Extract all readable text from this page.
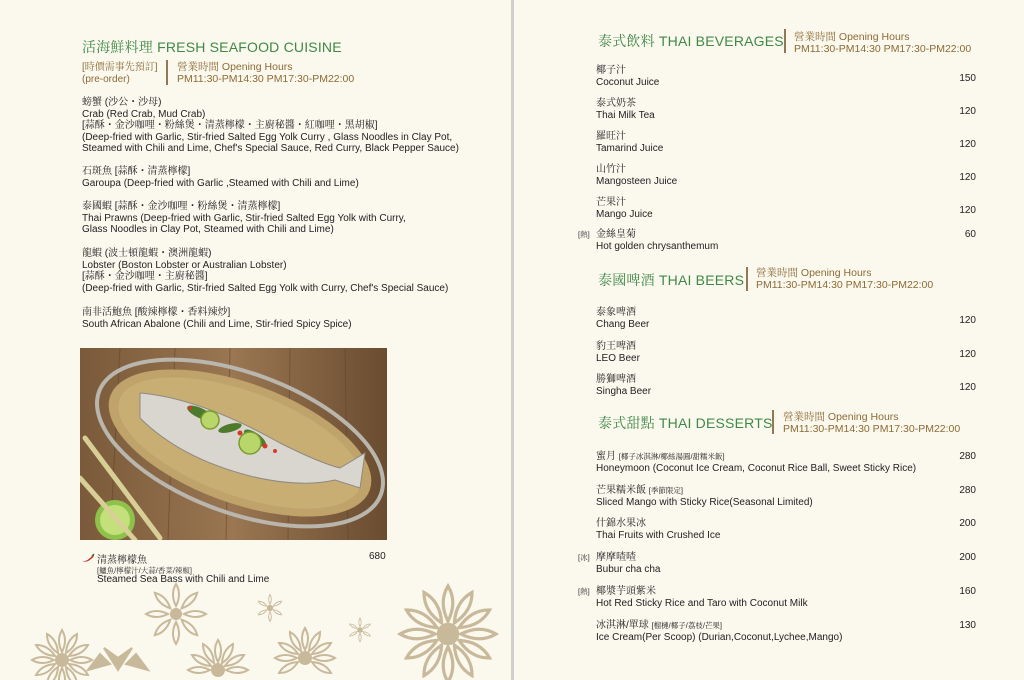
活海鮮料理 FRESH SEAFOOD CUISINE
[時價需事先預訂]
(pre-order)
營業時間 Opening Hours
PM11:30-PM14:30 PM17:30-PM22:00
螃蟹 (沙公・沙母)
Crab (Red Crab, Mud Crab)
[蒜酥・金沙咖哩・粉絲煲・清蒸檸檬・主廚秘醬・紅咖哩・黑胡椒]
(Deep-fried with Garlic, Stir-fried Salted Egg Yolk Curry , Glass Noodles in Clay Pot,
Steamed with Chili and Lime, Chef's Special Sauce, Red Curry, Black Pepper Sauce)
石斑魚 [蒜酥・清蒸檸檬]
Garoupa (Deep-fried with Garlic ,Steamed with Chili and Lime)
泰國蝦 [蒜酥・金沙咖哩・粉絲煲・清蒸檸檬]
Thai Prawns (Deep-fried with Garlic, Stir-fried Salted Egg Yolk with Curry,
Glass Noodles in Clay Pot, Steamed with Chili and Lime)
龍蝦 (波士頓龍蝦・澳洲龍蝦)
Lobster (Boston Lobster or Australian Lobster)
[蒜酥・金沙咖哩・主廚秘醬]
(Deep-fried with Garlic, Stir-fried Salted Egg Yolk with Curry, Chef's Special Sauce)
南非活鮑魚 [酸辣檸檬・香料辣炒]
South African Abalone (Chili and Lime, Stir-fried Spicy Spice)
清蒸檸檬魚
[鱸魚/檸檬汁/大蒜/香菜/辣椒]
Steamed Sea Bass with Chili and Lime
680
泰式飲料 THAI BEVERAGES 營業時間 Opening Hours
PM11:30-PM14:30 PM17:30-PM22:00
椰子汁
Coconut Juice	150
泰式奶茶
Thai Milk Tea	120
羅旺汁
Tamarind Juice	120
山竹汁
Mangosteen Juice	120
芒果汁
Mango Juice	120
[熱] 金絲皇菊
Hot golden chrysanthemum
60
泰國啤酒 THAI BEERS 營業時間 Opening Hours
PM11:30-PM14:30 PM17:30-PM22:00
泰象啤酒
Chang Beer	120
豹王啤酒
LEO Beer	120
勝獅啤酒
Singha Beer	120
泰式甜點 THAI DESSERTS 營業時間 Opening Hours
PM11:30-PM14:30 PM17:30-PM22:00
蜜月 [椰子冰淇淋/椰絲湯圓/甜糯米飯]
Honeymoon (Coconut Ice Cream, Coconut Rice Ball, Sweet Sticky Rice)
280
芒果糯米飯 [季節限定]
Sliced Mango with Sticky Rice(Seasonal Limited)
280
什錦水果冰
Thai Fruits with Crushed Ice
200
[冰] 摩摩喳喳
Bubur cha cha
200
[熱] 椰漿芋頭紫米
Hot Red Sticky Rice and Taro with Coconut Milk
160
冰淇淋/單球 [榴槤/椰子/荔枝/芒果]
Ice Cream(Per Scoop) (Durian,Coconut,Lychee,Mango)
130
